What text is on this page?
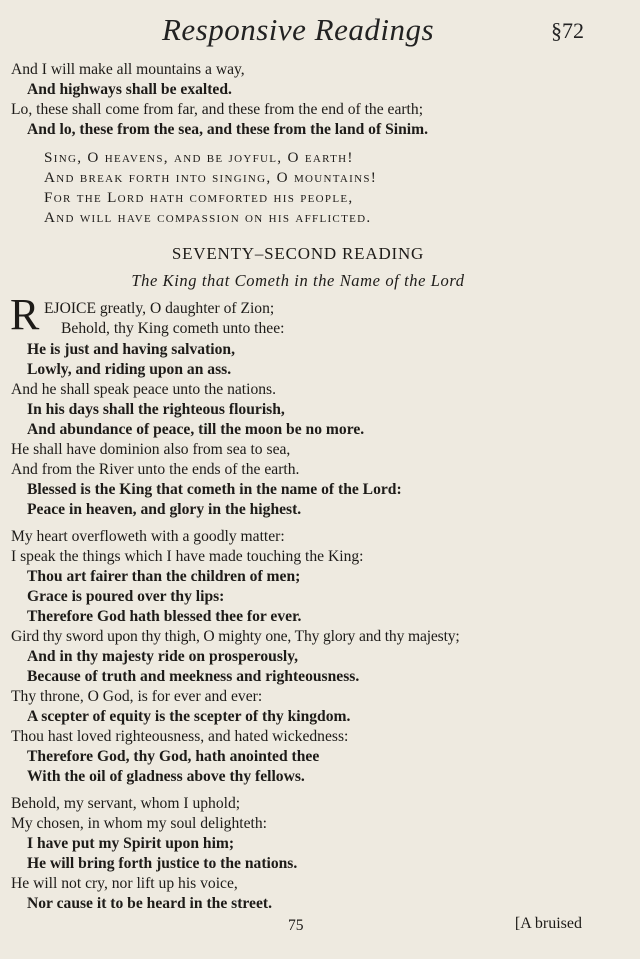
Responsive Readings	§72
And I will make all mountains a way,
And highways shall be exalted.
Lo, these shall come from far, and these from the end of the earth;
And lo, these from the sea, and these from the land of Sinim.
Sing, O heavens, and be joyful, O earth!
And break forth into singing, O mountains!
For the Lord hath comforted his people,
And will have compassion on his afflicted.
SEVENTY–SECOND READING
The King that Cometh in the Name of the Lord
R EJOICE greatly, O daughter of Zion;
Behold, thy King cometh unto thee:
He is just and having salvation,
Lowly, and riding upon an ass.
And he shall speak peace unto the nations.
In his days shall the righteous flourish,
And abundance of peace, till the moon be no more.
He shall have dominion also from sea to sea,
And from the River unto the ends of the earth.
Blessed is the King that cometh in the name of the Lord:
Peace in heaven, and glory in the highest.
My heart overfloweth with a goodly matter:
I speak the things which I have made touching the King:
Thou art fairer than the children of men;
Grace is poured over thy lips:
Therefore God hath blessed thee for ever.
Gird thy sword upon thy thigh, O mighty one, Thy glory and thy majesty;
And in thy majesty ride on prosperously,
Because of truth and meekness and righteousness.
Thy throne, O God, is for ever and ever:
A scepter of equity is the scepter of thy kingdom.
Thou hast loved righteousness, and hated wickedness:
Therefore God, thy God, hath anointed thee
With the oil of gladness above thy fellows.
Behold, my servant, whom I uphold;
My chosen, in whom my soul delighteth:
I have put my Spirit upon him;
He will bring forth justice to the nations.
He will not cry, nor lift up his voice,
Nor cause it to be heard in the street.
75	[A bruised
